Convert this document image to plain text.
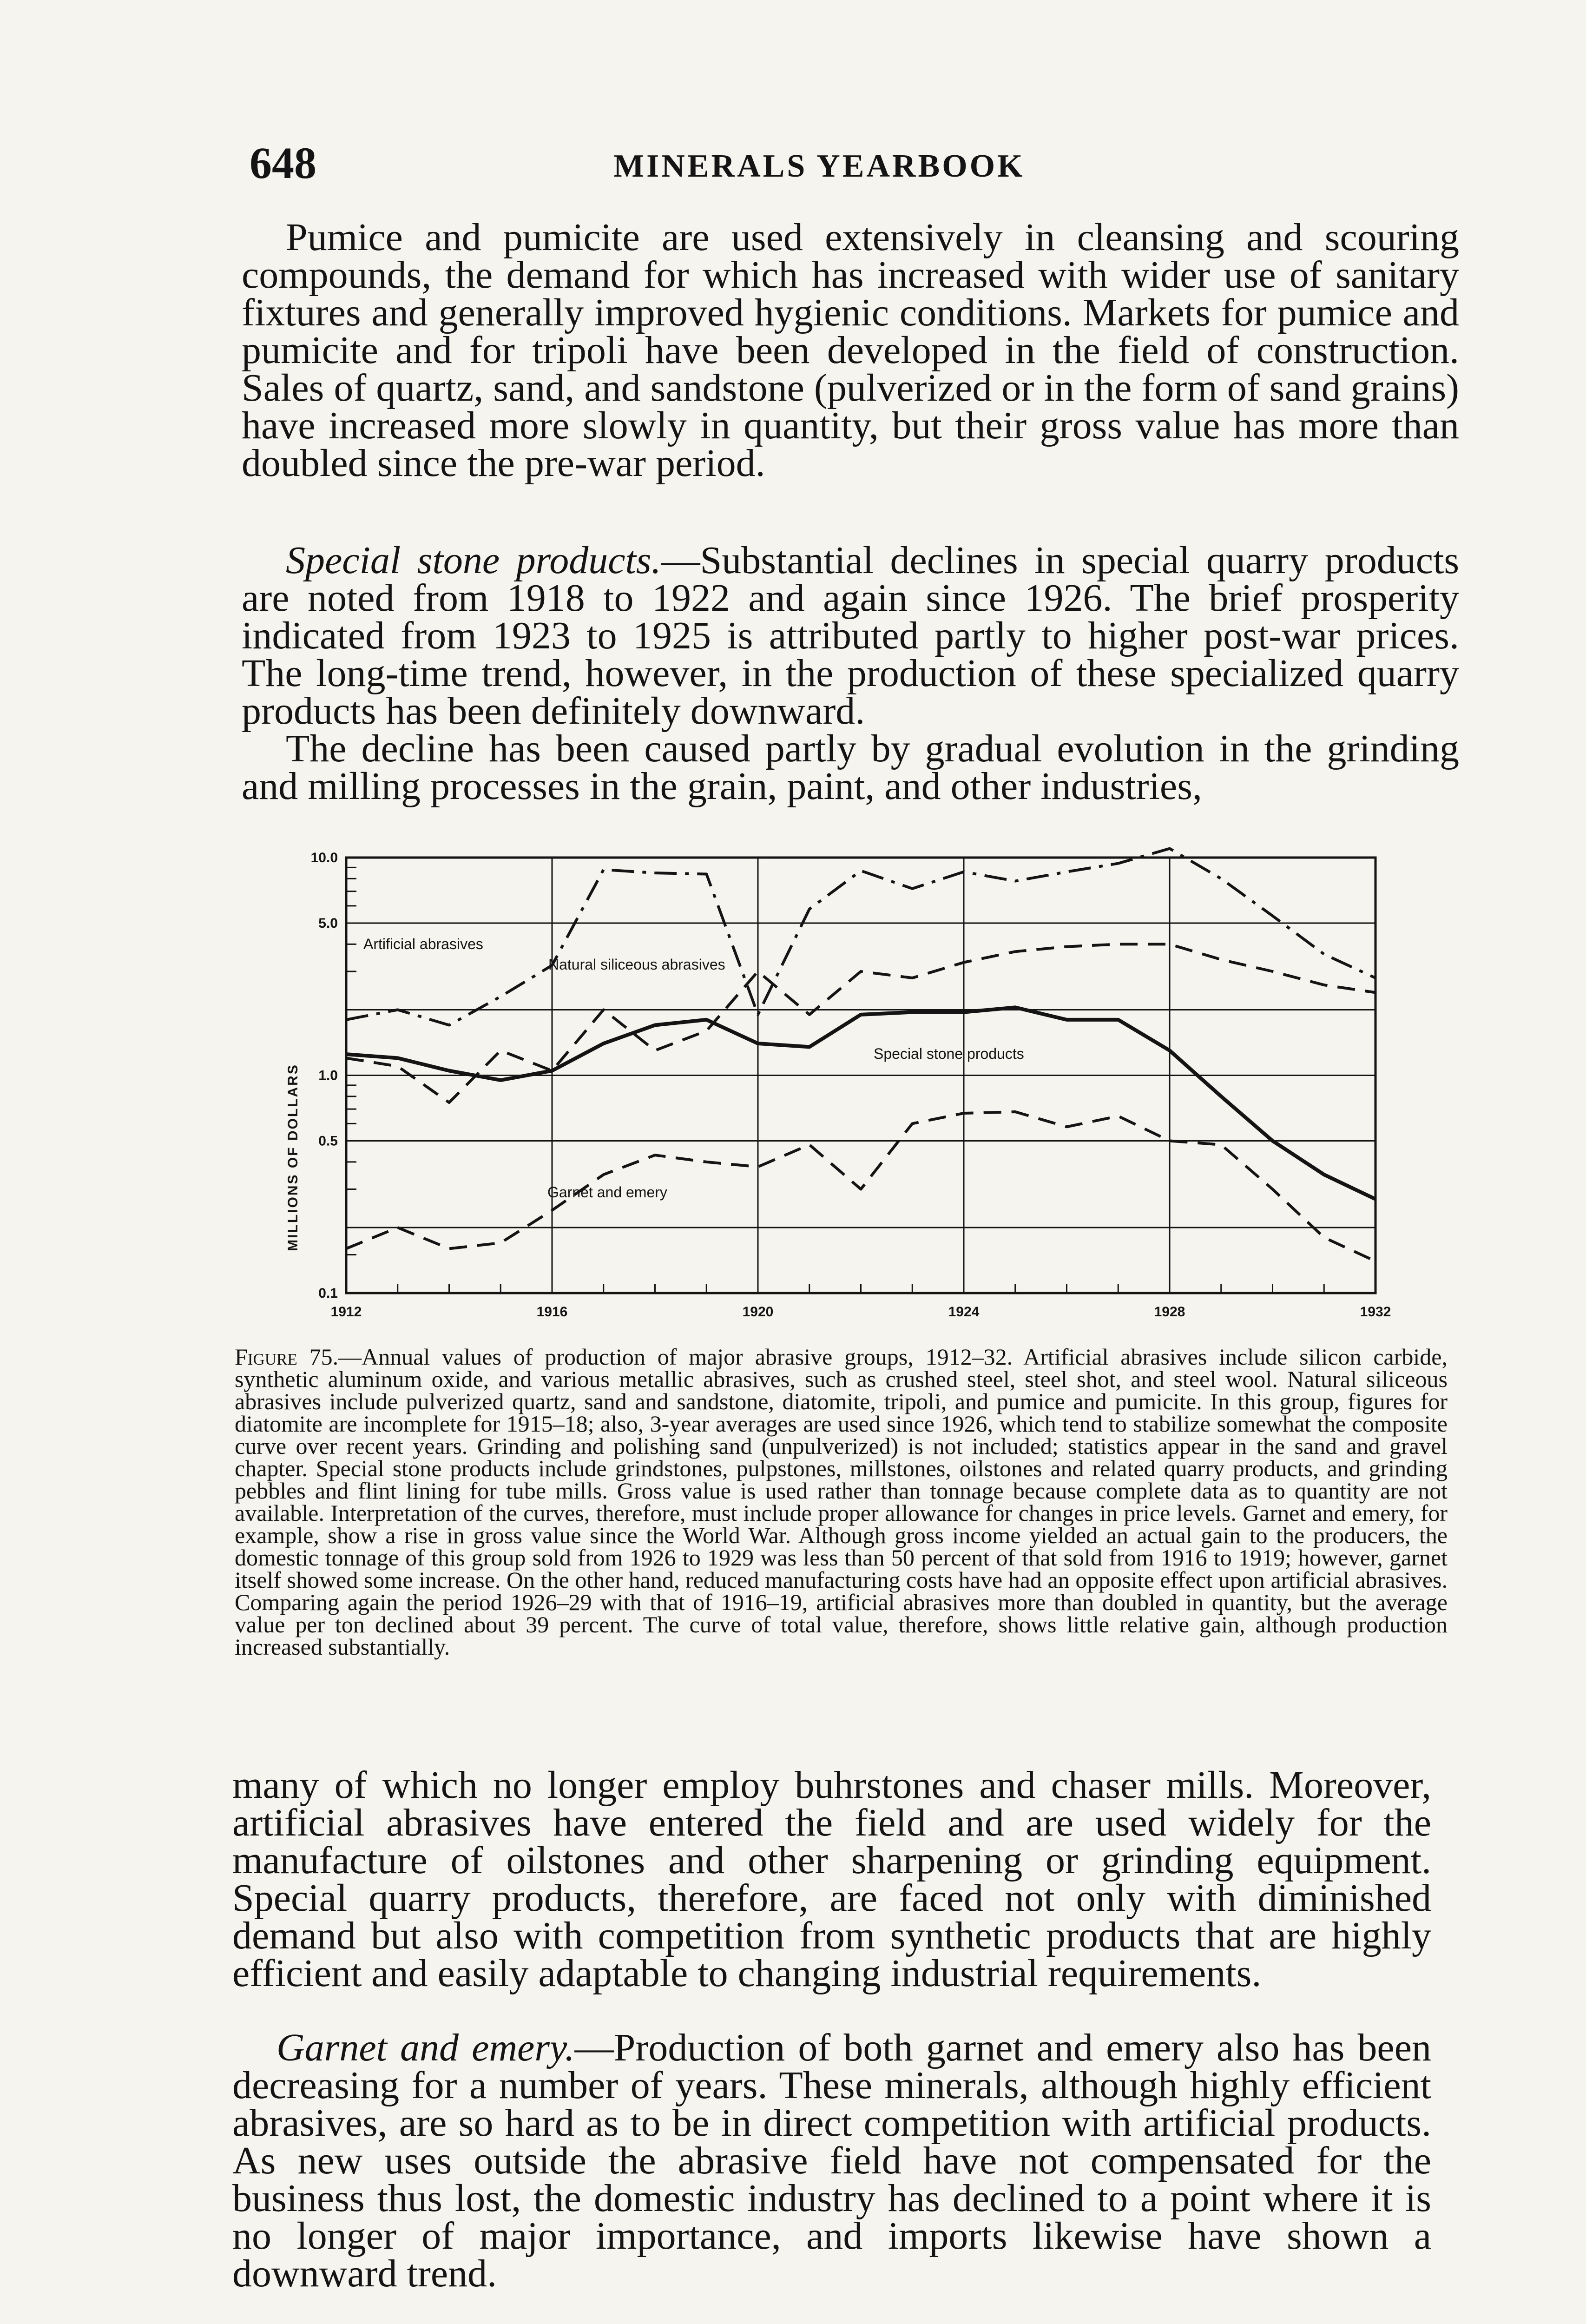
648	MINERALS YEARBOOK

Pumice and pumicite are used extensively in cleansing and scouring compounds, the demand for which has increased with wider use of sanitary fixtures and generally improved hygienic conditions. Markets for pumice and pumicite and for tripoli have been developed in the field of construction. Sales of quartz, sand, and sandstone (pulverized or in the form of sand grains) have increased more slowly in quantity, but their gross value has more than doubled since the pre-war period.

Special stone products.—Substantial declines in special quarry products are noted from 1918 to 1922 and again since 1926. The brief prosperity indicated from 1923 to 1925 is attributed partly to higher post-war prices. The long-time trend, however, in the production of these specialized quarry products has been definitely downward.

The decline has been caused partly by gradual evolution in the grinding and milling processes in the grain, paint, and other industries,

MILLIONS OF DOLLARS
Artificial abrasives
Natural siliceous abrasives
Special stone products
Garnet and emery
10.0
5.0
1.0
0.5
0.1
1912	1916	1920	1924	1928	1932

Figure 75.—Annual values of production of major abrasive groups, 1912–32. Artificial abrasives include silicon carbide, synthetic aluminum oxide, and various metallic abrasives, such as crushed steel, steel shot, and steel wool. Natural siliceous abrasives include pulverized quartz, sand and sandstone, diatomite, tripoli, and pumice and pumicite. In this group, figures for diatomite are incomplete for 1915–18; also, 3-year averages are used since 1926, which tend to stabilize somewhat the composite curve over recent years. Grinding and polishing sand (unpulverized) is not included; statistics appear in the sand and gravel chapter. Special stone products include grindstones, pulpstones, millstones, oilstones and related quarry products, and grinding pebbles and flint lining for tube mills. Gross value is used rather than tonnage because complete data as to quantity are not available. Interpretation of the curves, therefore, must include proper allowance for changes in price levels. Garnet and emery, for example, show a rise in gross value since the World War. Although gross income yielded an actual gain to the producers, the domestic tonnage of this group sold from 1926 to 1929 was less than 50 percent of that sold from 1916 to 1919; however, garnet itself showed some increase. On the other hand, reduced manufacturing costs have had an opposite effect upon artificial abrasives. Comparing again the period 1926–29 with that of 1916–19, artificial abrasives more than doubled in quantity, but the average value per ton declined about 39 percent. The curve of total value, therefore, shows little relative gain, although production increased substantially.

many of which no longer employ buhrstones and chaser mills. Moreover, artificial abrasives have entered the field and are used widely for the manufacture of oilstones and other sharpening or grinding equipment. Special quarry products, therefore, are faced not only with diminished demand but also with competition from synthetic products that are highly efficient and easily adaptable to changing industrial requirements.

Garnet and emery.—Production of both garnet and emery also has been decreasing for a number of years. These minerals, although highly efficient abrasives, are so hard as to be in direct competition with artificial products. As new uses outside the abrasive field have not compensated for the business thus lost, the domestic industry has declined to a point where it is no longer of major importance, and imports likewise have shown a downward trend.
